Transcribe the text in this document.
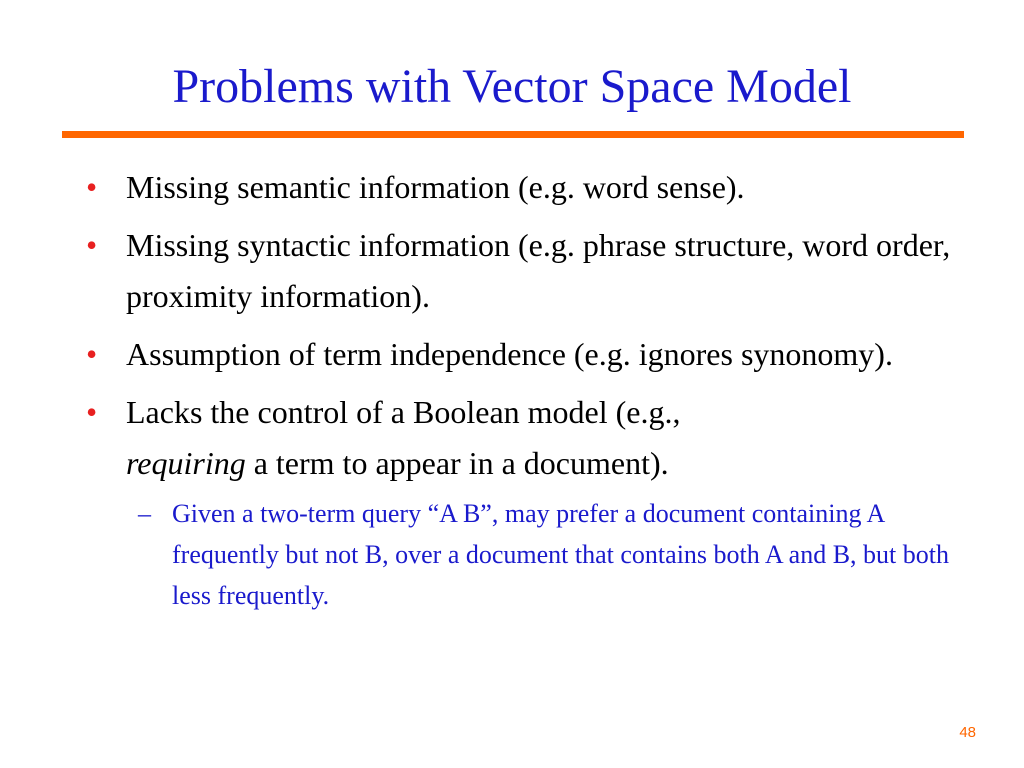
Problems with Vector Space Model
• Missing semantic information (e.g. word sense).
• Missing syntactic information (e.g. phrase structure, word order, proximity information).
• Assumption of term independence (e.g. ignores synonomy).
• Lacks the control of a Boolean model (e.g.,
requiring a term to appear in a document).
– Given a two-term query “A B”, may prefer a document containing A frequently but not B, over a document that contains both A and B, but both less frequently.
48
